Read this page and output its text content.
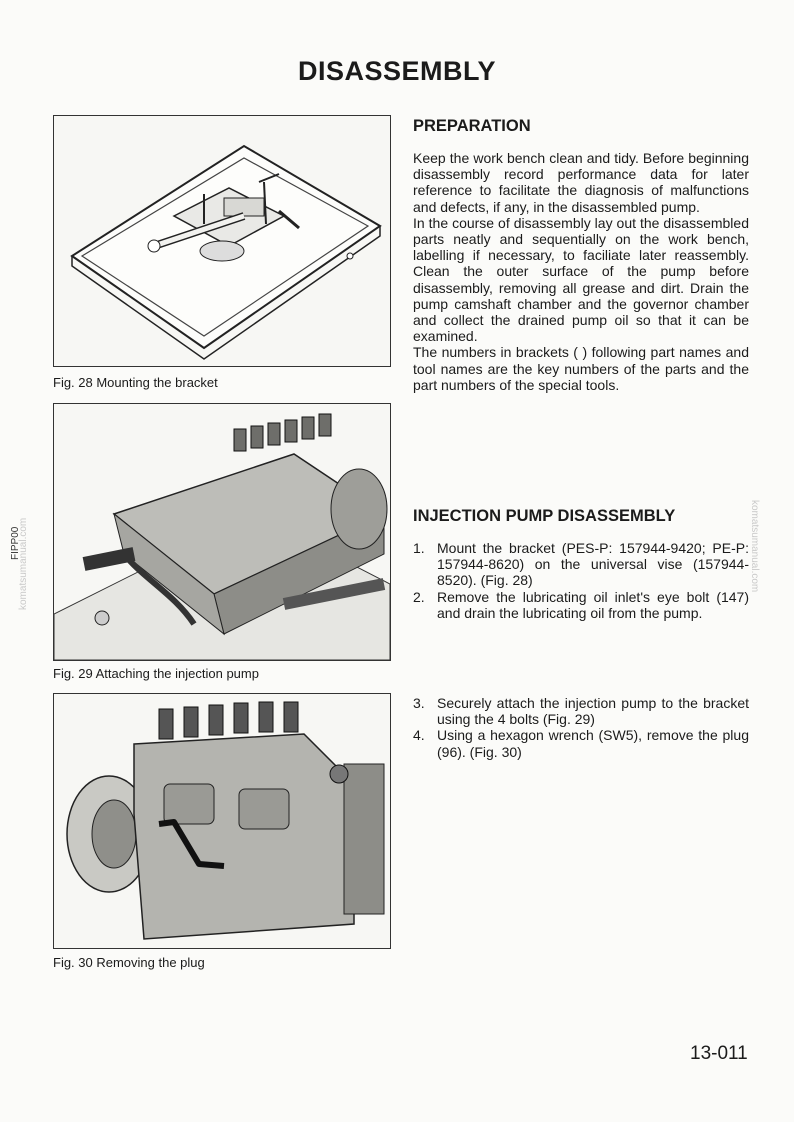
DISASSEMBLY
Fig. 28 Mounting the bracket
Fig. 29 Attaching the injection pump
Fig. 30 Removing the plug
PREPARATION

Keep the work bench clean and tidy. Before beginning disassembly record performance data for later reference to facilitate the diagnosis of malfunctions and defects, if any, in the disassembled pump.

In the course of disassembly lay out the disassembled parts neatly and sequentially on the work bench, labelling if necessary, to faciliate later reassembly. Clean the outer surface of the pump before disassembly, removing all grease and dirt. Drain the pump camshaft chamber and the governor chamber and collect the drained pump oil so that it can be examined.

The numbers in brackets ( ) following part names and tool names are the key numbers of the parts and the part numbers of the special tools.

INJECTION PUMP DISASSEMBLY
1. Mount the bracket (PES-P: 157944-9420; PE-P: 157944-8620) on the universal vise (157944-8520). (Fig. 28)
2. Remove the lubricating oil inlet's eye bolt (147) and drain the lubricating oil from the pump.
3. Securely attach the injection pump to the bracket using the 4 bolts (Fig. 29)
4. Using a hexagon wrench (SW5), remove the plug (96). (Fig. 30)
FIPP00
komatsumanual.com	komatsumanual.com
13-011
